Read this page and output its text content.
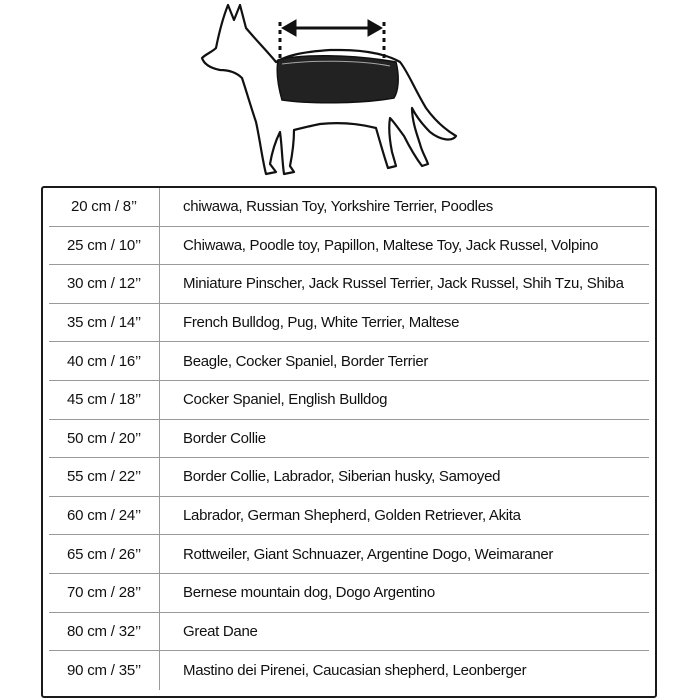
20 cm / 8’’	chiwawa, Russian Toy, Yorkshire Terrier, Poodles
25 cm / 10’’	Chiwawa, Poodle toy, Papillon, Maltese Toy, Jack Russel, Volpino
30 cm / 12’’	Miniature Pinscher, Jack Russel Terrier, Jack Russel, Shih Tzu, Shiba
35 cm / 14’’	French Bulldog, Pug, White Terrier, Maltese
40 cm / 16’’	Beagle, Cocker Spaniel, Border Terrier
45 cm / 18’’	Cocker Spaniel, English Bulldog
50 cm / 20’’	Border Collie
55 cm / 22’’	Border Collie, Labrador, Siberian husky, Samoyed
60 cm / 24’’	Labrador, German Shepherd, Golden Retriever, Akita
65 cm / 26’’	Rottweiler, Giant Schnuazer, Argentine Dogo, Weimaraner
70 cm / 28’’	Bernese mountain dog, Dogo Argentino
80 cm / 32’’	Great Dane
90 cm / 35’’	Mastino dei Pirenei, Caucasian shepherd, Leonberger
